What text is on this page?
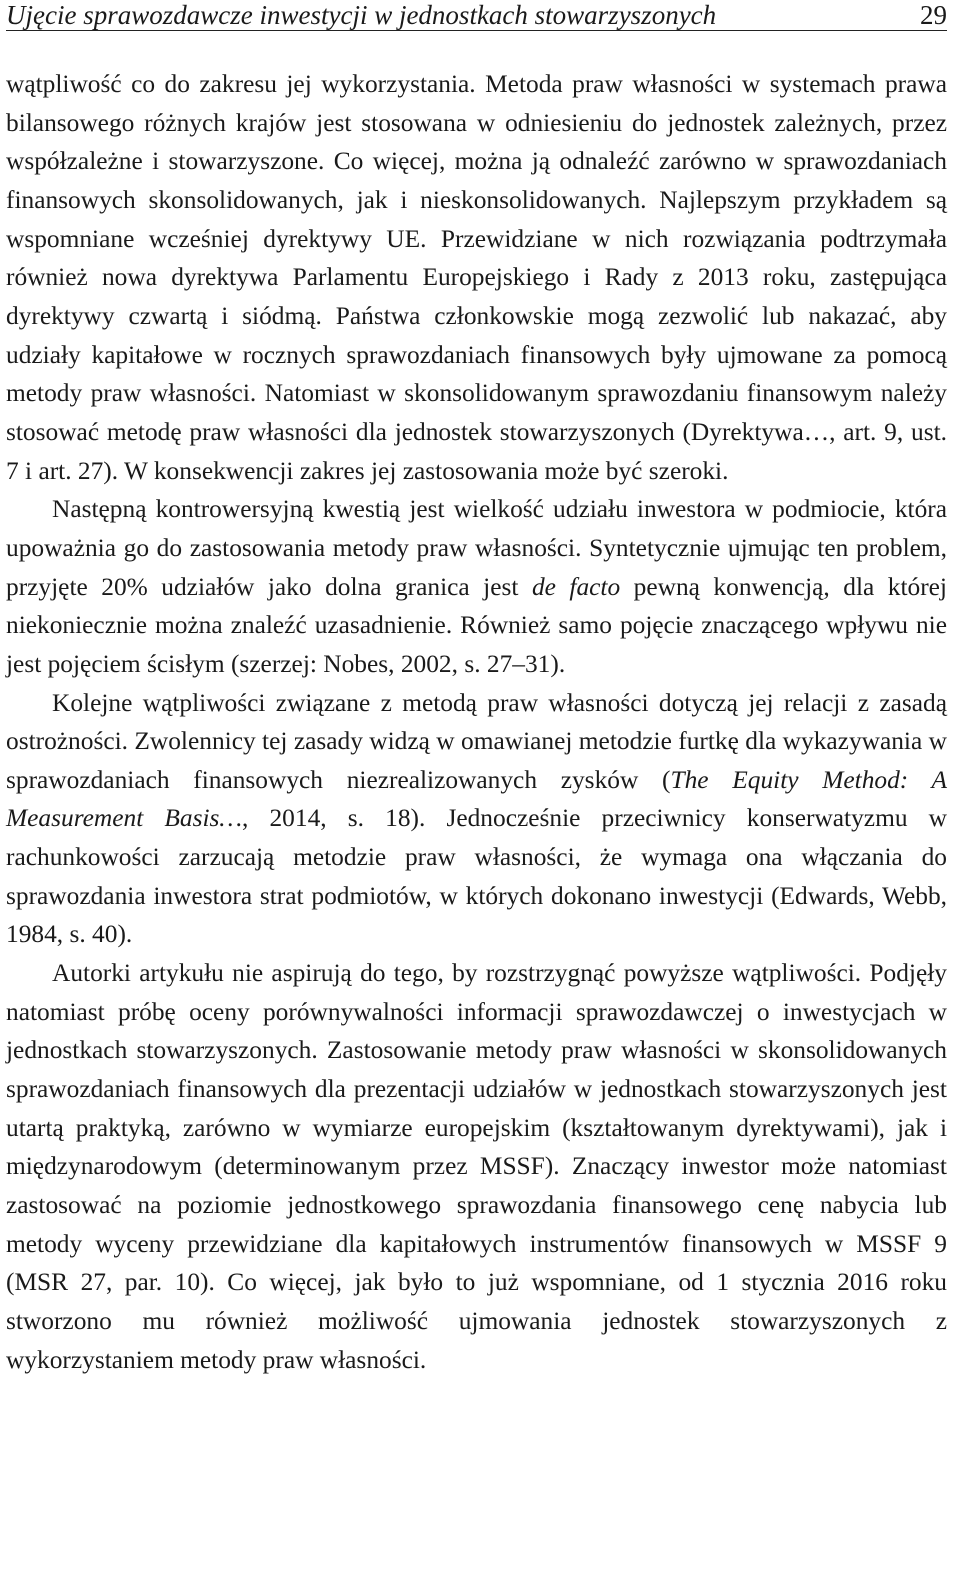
Ujęcie sprawozdawcze inwestycji w jednostkach stowarzyszonych	29

wątpliwość co do zakresu jej wykorzystania. Metoda praw własności w systemach prawa bilansowego różnych krajów jest stosowana w odniesieniu do jednostek zależnych, przez współzależne i stowarzyszone. Co więcej, można ją odnaleźć zarówno w sprawozdaniach finansowych skonsolidowanych, jak i nieskonsolidowanych. Najlepszym przykładem są wspomniane wcześniej dyrektywy UE. Przewidziane w nich rozwiązania podtrzymała również nowa dyrektywa Parlamentu Europejskiego i Rady z 2013 roku, zastępująca dyrektywy czwartą i siódmą. Państwa członkowskie mogą zezwolić lub nakazać, aby udziały kapitałowe w rocznych sprawozdaniach finansowych były ujmowane za pomocą metody praw własności. Natomiast w skonsolidowanym sprawozdaniu finansowym należy stosować metodę praw własności dla jednostek stowarzyszonych (Dyrektywa…, art. 9, ust. 7 i art. 27). W konsekwencji zakres jej zastosowania może być szeroki.

Następną kontrowersyjną kwestią jest wielkość udziału inwestora w podmiocie, która upoważnia go do zastosowania metody praw własności. Syntetycznie ujmując ten problem, przyjęte 20% udziałów jako dolna granica jest de facto pewną konwencją, dla której niekoniecznie można znaleźć uzasadnienie. Również samo pojęcie znaczącego wpływu nie jest pojęciem ścisłym (szerzej: Nobes, 2002, s. 27–31).

Kolejne wątpliwości związane z metodą praw własności dotyczą jej relacji z zasadą ostrożności. Zwolennicy tej zasady widzą w omawianej metodzie furtkę dla wykazywania w sprawozdaniach finansowych niezrealizowanych zysków (The Equity Method: A Measurement Basis…, 2014, s. 18). Jednocześnie przeciwnicy konserwatyzmu w rachunkowości zarzucają metodzie praw własności, że wymaga ona włączania do sprawozdania inwestora strat podmiotów, w których dokonano inwestycji (Edwards, Webb, 1984, s. 40).

Autorki artykułu nie aspirują do tego, by rozstrzygnąć powyższe wątpliwości. Podjęły natomiast próbę oceny porównywalności informacji sprawozdawczej o inwestycjach w jednostkach stowarzyszonych. Zastosowanie metody praw własności w skonsolidowanych sprawozdaniach finansowych dla prezentacji udziałów w jednostkach stowarzyszonych jest utartą praktyką, zarówno w wymiarze europejskim (kształtowanym dyrektywami), jak i międzynarodowym (determinowanym przez MSSF). Znaczący inwestor może natomiast zastosować na poziomie jednostkowego sprawozdania finansowego cenę nabycia lub metody wyceny przewidziane dla kapitałowych instrumentów finansowych w MSSF 9 (MSR 27, par. 10). Co więcej, jak było to już wspomniane, od 1 stycznia 2016 roku stworzono mu również możliwość ujmowania jednostek stowarzyszonych z wykorzystaniem metody praw własności.
